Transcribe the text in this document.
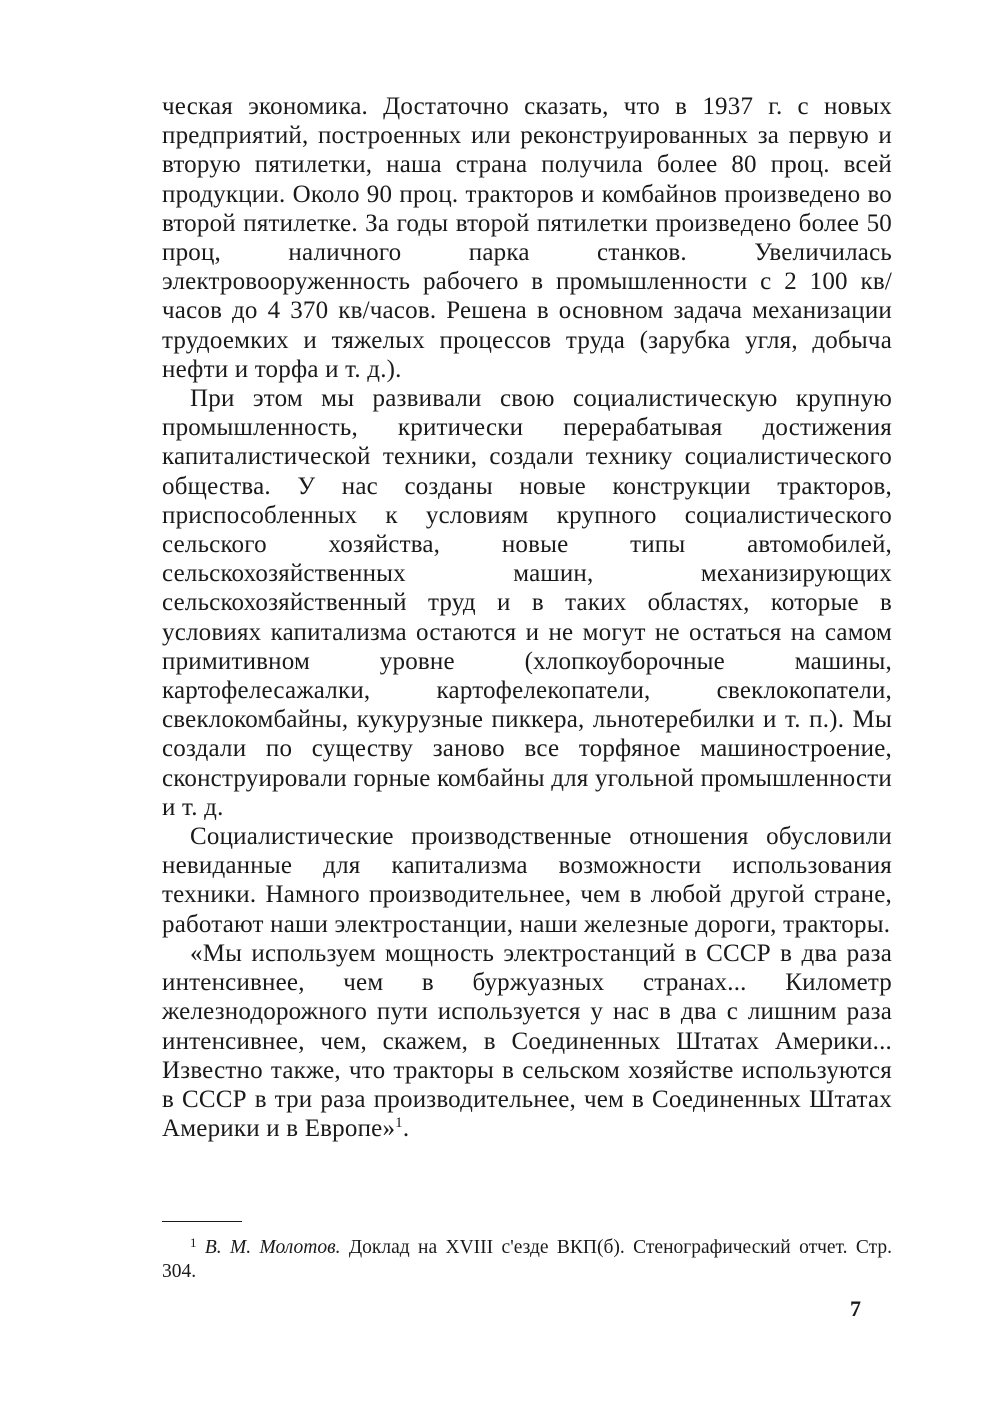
ческая экономика. Достаточно сказать, что в 1937 г. с новых предприятий, построенных или реконструированных за первую и вторую пятилетки, наша страна получила более 80 проц. всей продукции. Около 90 проц. тракторов и комбайнов произведено во второй пятилетке. За годы второй пятилетки произведено более 50 проц, наличного парка станков. Увеличилась электровооруженность рабочего в промышленности с 2 100 кв/часов до 4 370 кв/часов. Решена в основном задача механизации трудоемких и тяжелых процессов труда (зарубка угля, добыча нефти и торфа и т. д.).

При этом мы развивали свою социалистическую крупную промышленность, критически перерабатывая достижения капиталистической техники, создали технику социалистического общества. У нас созданы новые конструкции тракторов, приспособленных к условиям крупного социалистического сельского хозяйства, новые типы автомобилей, сельскохозяйственных машин, механизирующих сельскохозяйственный труд и в таких областях, которые в условиях капитализма остаются и не могут не остаться на самом примитивном уровне (хлопкоуборочные машины, картофелесажалки, картофелекопатели, свеклокопатели, свеклокомбайны, кукурузные пиккера, льнотеребилки и т. п.). Мы создали по существу заново все торфяное машиностроение, сконструировали горные комбайны для угольной промышленности и т. д.

Социалистические производственные отношения обусловили невиданные для капитализма возможности использования техники. Намного производительнее, чем в любой другой стране, работают наши электростанции, наши железные дороги, тракторы.

«Мы используем мощность электростанций в СССР в два раза интенсивнее, чем в буржуазных странах... Километр железнодорожного пути используется у нас в два с лишним раза интенсивнее, чем, скажем, в Соединенных Штатах Америки... Известно также, что тракторы в сельском хозяйстве используются в СССР в три раза производительнее, чем в Соединенных Штатах Америки и в Европе»$^1$.

$^1$ В. М. Молотов. Доклад на XVIII с'езде ВКП(б). Стенографический отчет. Стр. 304.
7
